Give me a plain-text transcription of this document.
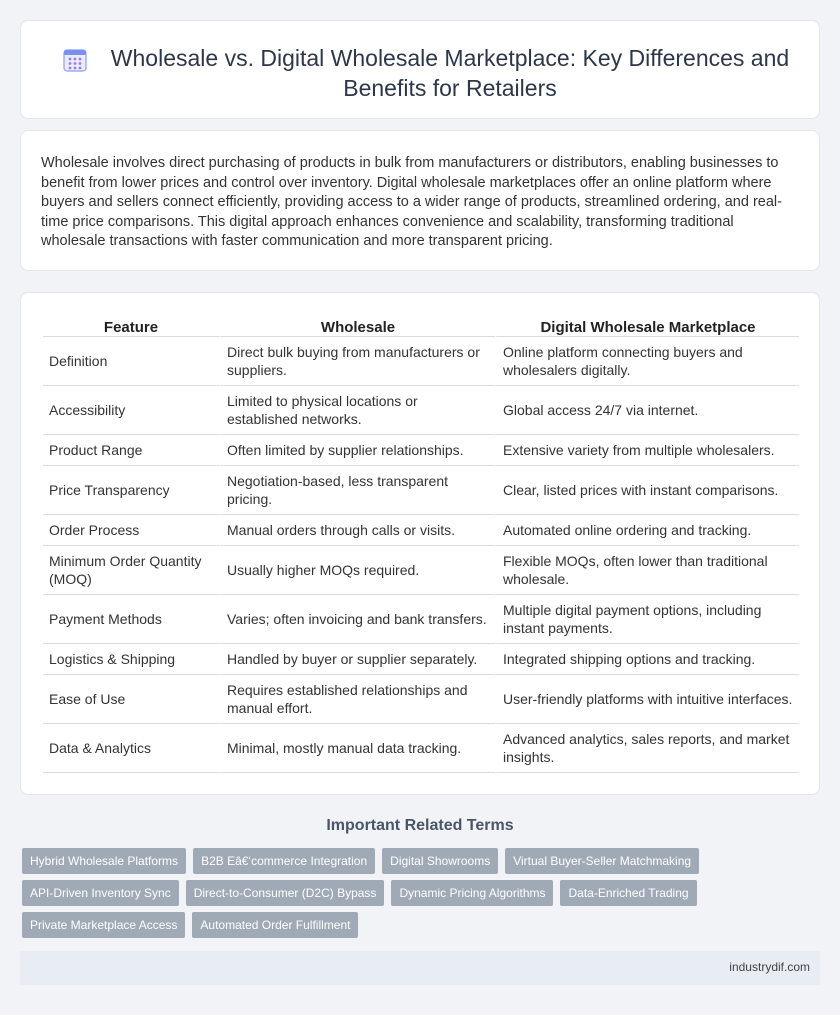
Wholesale vs. Digital Wholesale Marketplace: Key Differences and Benefits for Retailers

Wholesale involves direct purchasing of products in bulk from manufacturers or distributors, enabling businesses to benefit from lower prices and control over inventory. Digital wholesale marketplaces offer an online platform where buyers and sellers connect efficiently, providing access to a wider range of products, streamlined ordering, and real-time price comparisons. This digital approach enhances convenience and scalability, transforming traditional wholesale transactions with faster communication and more transparent pricing.

Feature	Wholesale	Digital Wholesale Marketplace
Definition	Direct bulk buying from manufacturers or suppliers.	Online platform connecting buyers and wholesalers digitally.
Accessibility	Limited to physical locations or established networks.	Global access 24/7 via internet.
Product Range	Often limited by supplier relationships.	Extensive variety from multiple wholesalers.
Price Transparency	Negotiation-based, less transparent pricing.	Clear, listed prices with instant comparisons.
Order Process	Manual orders through calls or visits.	Automated online ordering and tracking.
Minimum Order Quantity (MOQ)	Usually higher MOQs required.	Flexible MOQs, often lower than traditional wholesale.
Payment Methods	Varies; often invoicing and bank transfers.	Multiple digital payment options, including instant payments.
Logistics & Shipping	Handled by buyer or supplier separately.	Integrated shipping options and tracking.
Ease of Use	Requires established relationships and manual effort.	User-friendly platforms with intuitive interfaces.
Data & Analytics	Minimal, mostly manual data tracking.	Advanced analytics, sales reports, and market insights.
Important Related Terms
Hybrid Wholesale Platforms	B2B Eâ€‘commerce Integration	Digital Showrooms	Virtual Buyer-Seller Matchmaking
API-Driven Inventory Sync	Direct-to-Consumer (D2C) Bypass	Dynamic Pricing Algorithms	Data-Enriched Trading
Private Marketplace Access	Automated Order Fulfillment
industrydif.com
